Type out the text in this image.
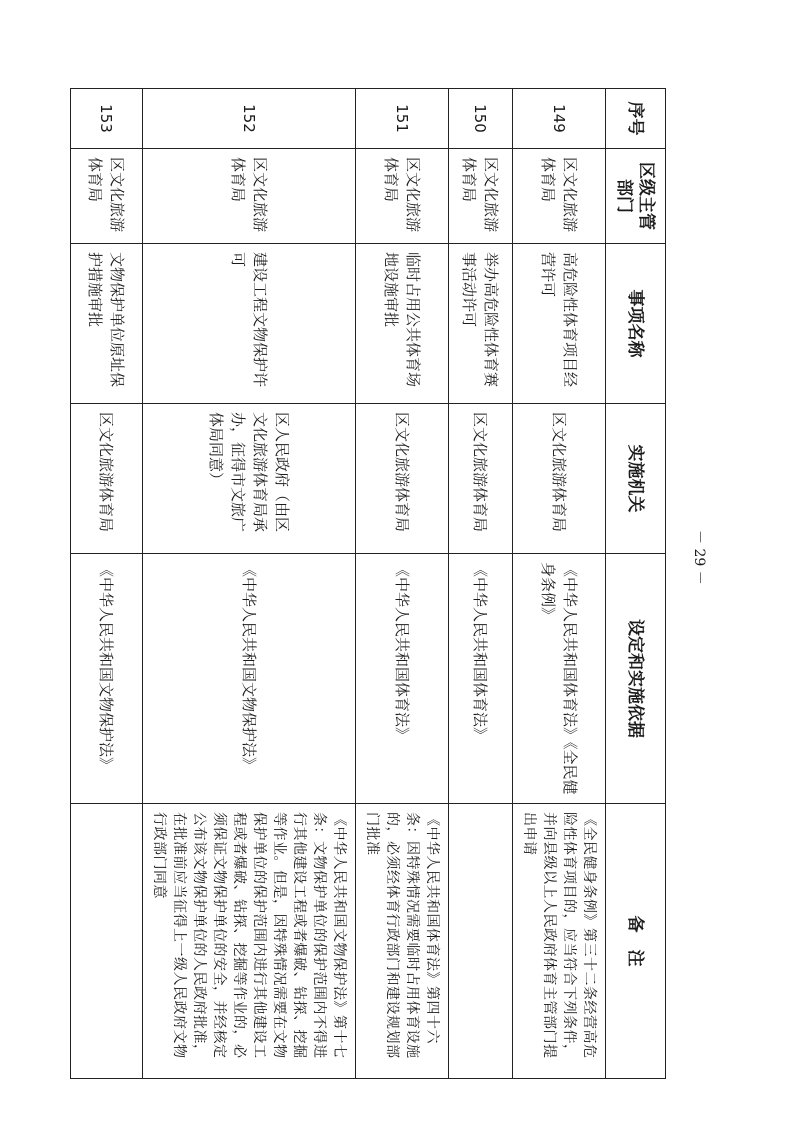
序号	区级主管部门	事项名称	实施机关	设定和实施依据	备　注
149	区文化旅游体育局	高危险性体育项目经营许可	区文化旅游体育局	《中华人民共和国体育法》《全民健身条例》	《全民健身条例》第三十二条经营高危险性体育项目的，应当符合下列条件，并向县级以上人民政府体育主管部门提出申请
150	区文化旅游体育局	举办高危险性体育赛事活动许可	区文化旅游体育局	《中华人民共和国体育法》	
151	区文化旅游体育局	临时占用公共体育场地设施审批	区文化旅游体育局	《中华人民共和国体育法》	《中华人民共和国体育法》第四十六条：因特殊情况需要临时占用体育设施的，必须经体育行政部门和建设规划部门批准
152	区文化旅游体育局	建设工程文物保护许可	区人民政府（由区文化旅游体育局承办，征得市文旅广体局同意）	《中华人民共和国文物保护法》	《中华人民共和国文物保护法》第十七条：文物保护单位的保护范围内不得进行其他建设工程或者爆破、钻探、挖掘等作业。但是，因特殊情况需要在文物保护单位的保护范围内进行其他建设工程或者爆破、钻探、挖掘等作业的，必须保证文物保护单位的安全，并经核定公布该文物保护单位的人民政府批准，在批准前应当征得上一级人民政府文物行政部门同意
153	区文化旅游体育局	文物保护单位原址保护措施审批	区文化旅游体育局	《中华人民共和国文物保护法》	
－ 29 －
